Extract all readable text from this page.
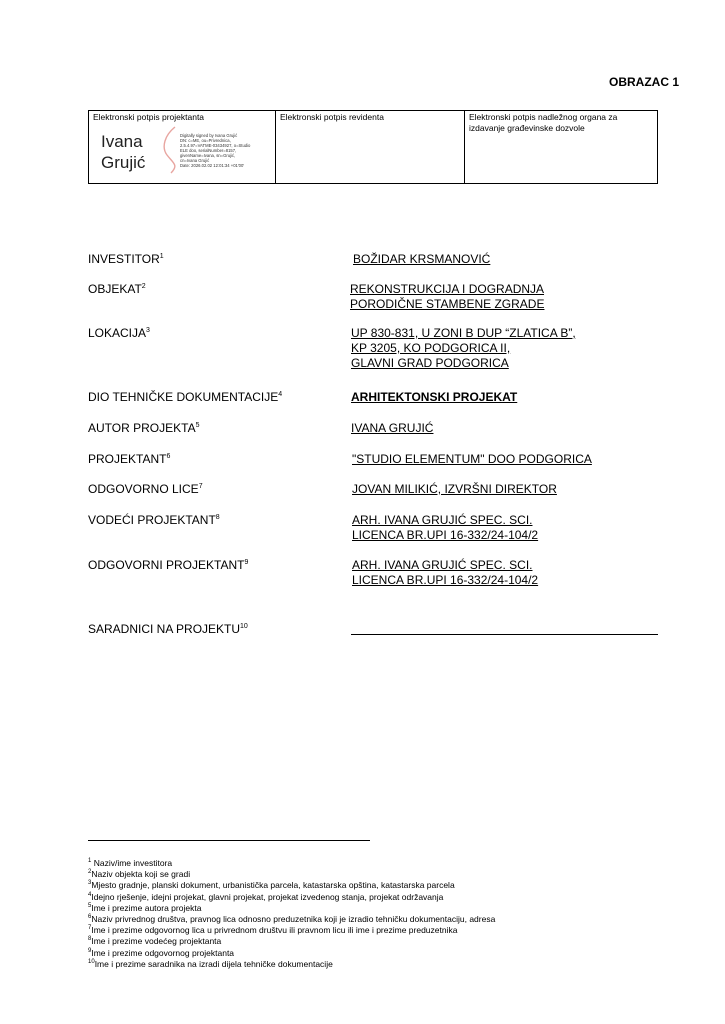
OBRAZAC 1
Elektronski potpis projektanta
Ivana
Grujić
Digitally signed by Ivana Grujić
DN: c=ME, ou=Privrednica,
2.5.4.97=VATME-03434927, o=Studio
ELE doo, serialNumber=8157,
givenName=Ivana, sn=Grujić,
cn=Ivana Grujić
Date: 2026.02.02 12:01:34 +01'00'
	Elektronski potpis revidenta	Elektronski potpis nadležnog organa za izdavanje građevinske dozvole
INVESTITOR$^1$	BOŽIDAR KRSMANOVIĆ
OBJEKAT$^2$	REKONSTRUKCIJA I DOGRADNJA
PORODIČNE STAMBENE ZGRADE
LOKACIJA$^3$	UP 830-831, U ZONI B DUP “ZLATICA B”,
KP 3205, KO PODGORICA II,
GLAVNI GRAD PODGORICA
DIO TEHNIČKE DOKUMENTACIJE$^4$	ARHITEKTONSKI PROJEKAT
AUTOR PROJEKTA$^5$	IVANA GRUJIĆ
PROJEKTANT$^6$	"STUDIO ELEMENTUM" DOO PODGORICA
ODGOVORNO LICE$^7$	JOVAN MILIKIĆ, IZVRŠNI DIREKTOR
VODEĆI PROJEKTANT$^8$	ARH. IVANA GRUJIĆ SPEC. SCI.
LICENCA BR.UPI 16-332/24-104/2
ODGOVORNI PROJEKTANT$^9$	ARH. IVANA GRUJIĆ SPEC. SCI.
LICENCA BR.UPI 16-332/24-104/2
SARADNICI NA PROJEKTU$^{10}$
$^1$ Naziv/ime investitora
$^2$Naziv objekta koji se gradi
$^3$Mjesto gradnje, planski dokument, urbanistička parcela, katastarska opština, katastarska parcela
$^4$Idejno rješenje, idejni projekat, glavni projekat, projekat izvedenog stanja, projekat održavanja
$^5$Ime i prezime autora projekta
$^6$Naziv privrednog društva, pravnog lica odnosno preduzetnika koji je izradio tehničku dokumentaciju, adresa
$^7$Ime i prezime odgovornog lica u privrednom društvu ili pravnom licu ili ime i prezime preduzetnika
$^8$Ime i prezime vodećeg projektanta
$^9$Ime i prezime odgovornog projektanta
$^{10}$Ime i prezime saradnika na izradi dijela tehničke dokumentacije
